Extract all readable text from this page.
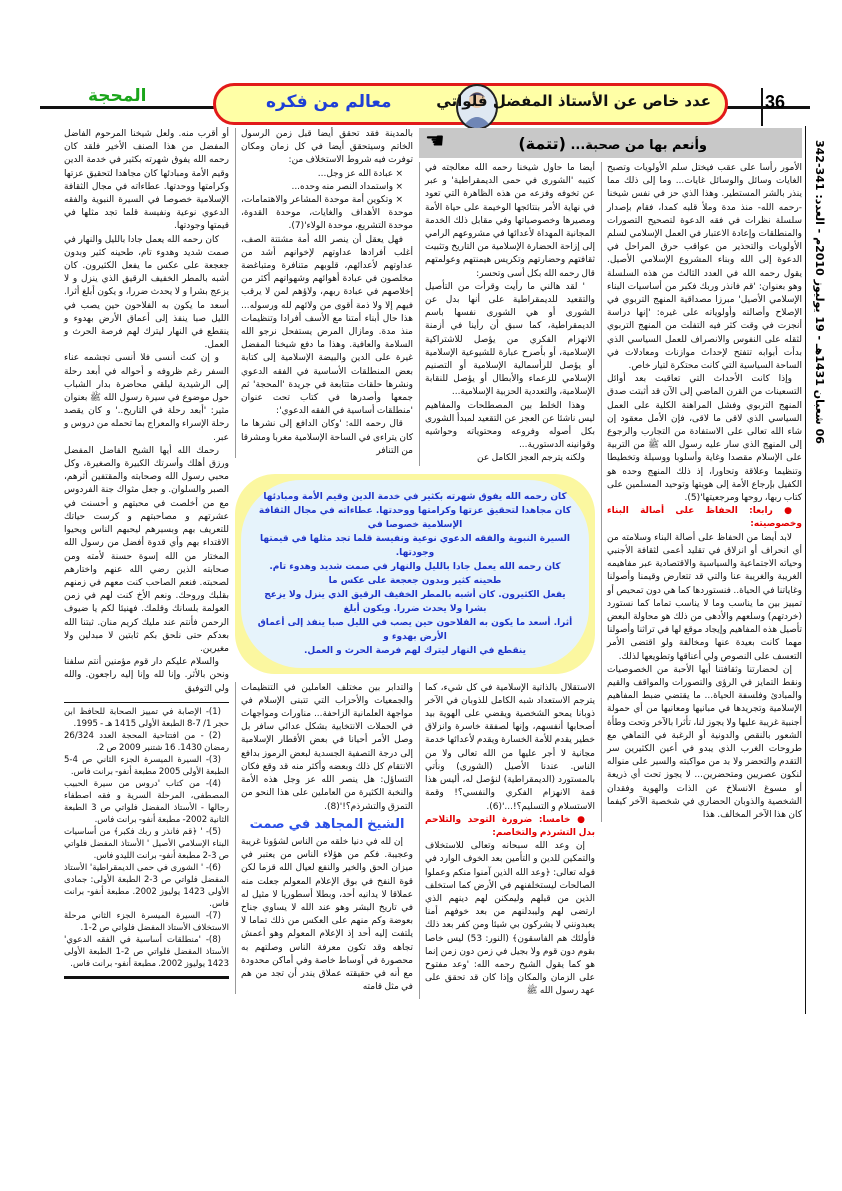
المحجة	معالم من فكره	عدد خاص عن الأستاذ المفضل فلواتي	36
06 شعبان 1431هـ - 19 يوليوز 2010م - العدد: 341-342

أو أقرب منه. ولعل شيخنا المرحوم الفاضل المفضل من هذا الصنف الأخير فلقد كان رحمه الله يفوق شهرته بكثير في خدمة الدين وقيم الأمة ومبادئها كان مجاهدا لتحقيق عزتها وكرامتها ووحدتها. عطاءاته في مجال الثقافة الإسلامية خصوصا في السيرة النبوية والفقه الدعوي نوعية ونفيسة قلما تجد مثلها في قيمتها وجودتها.

كان رحمه الله يعمل جادا بالليل والنهار في صمت شديد وهدوء تام، طحينه كثير وبدون جعجعة على عكس ما يفعل الكثيرون. كان أشبه بالمطر الخفيف الرقيق الذي ينزل و لا يزعج بشرا و لا يحدث ضررا، و يكون أبلغ أثرا. أسعد ما يكون به الفلاحون حين يصب في الليل صبا ينفذ إلى أعماق الأرض بهدوء و ينقطع في النهار ليترك لهم فرصة الحرث و العمل.

و إن كنت أنسى فلا أنسى تجشمه عناء السفر رغم ظروفه و أحواله في أبعد رحلة إلى الرشيدية ليلقي محاضرة بدار الشباب حول موضوع في سيرة رسول الله ﷺ بعنوان مثير: 'أبعد رحلة في التاريخ..' و كان يقصد رحلة الإسراء والمعراج بما تحمله من دروس و عبر.

رحمك الله أيها الشيخ الفاضل المفضل ورزق أهلك وأسرتك الكبيرة والصغيرة، وكل محبي رسول الله وصحابته والمقتفين أثرهم، الصبر والسلوان. و جعل مثواك جنة الفردوس مع من أخلصت في محبتهم و أحسنت في عشرتهم و مصاحبتهم و كرست حياتك للتعريف بهم وبسيرهم ليحبهم الناس ويحيوا الاقتداء بهم وأي قدوة أفضل من رسول الله المختار من الله إسوة حسنة لأمته ومن صحابته الذين رضي الله عنهم واختارهم لصحبته. فنعم الصاحب كنت معهم في زمنهم بقلبك وروحك. ونعم الأخ كنت لهم في زمن العولمة بلسانك وقلمك. فهنيئا لكم يا ضيوف الرحمن فأنتم عند مليك كريم منان. ثبتنا الله بعدكم حتى نلحق بكم ثابتين لا مبدلين ولا مغيرين.

والسلام عليكم دار قوم مؤمنين أنتم سلفنا ونحن بالأثر. وإنا لله وإنا إليه راجعون. والله ولي التوفيق

(1)- الإصابة في تمييز الصحابة للحافظ ابن حجر 1/ 7-8 الطبعة الأولى 1415 هـ - 1995.

(2) - من افتتاحية المحجة العدد 26/324 رمضان 1430. 16 شتنبر 2009 ص 2.

(3)- السيرة الميسرة الجزء الثاني ص 4-5 الطبعة الأولى 2005 مطبعة أنفو- برانت فاس.

(4)- من كتاب 'دروس من سيرة الحبيب المصطفى، المرحلة السرية و فقه اصطفاء رجالها - الأستاذ المفضل فلواتي ص 3 الطبعة الثانية 2002- مطبعة أنفو- برانت فاس.

(5)- ' ﴿قم فانذر و ربك فكبر﴾ من أساسيات البناء الإسلامي الأصيل ' الأستاذ المفضل فلواتي ص 3-2 مطبعة أنفو- برانت الليدو فاس.

(6)- ' الشورى في حمى الديمقراطية' الأستاذ المفضل فلواتي ص 3-2 الطبعة الأولى: جمادى الأولى 1423 يوليوز 2002. مطبعة أنفو- برانت فاس.

(7)- السيرة الميسرة الجزء الثاني مرحلة الاستخلاف الأستاذ المفضل فلواتي ص 2-1.

(8)- 'منطلقات أساسية في الفقه الدعوي' الأستاذ المفضل فلواتي ص 2-1 الطبعة الأولى 1423 يوليوز 2002. مطبعة أنفو- برانت فاس.

بالمدينة فقد تحقق أيضا قبل زمن الرسول الخاتم وسيتحقق أيضا في كل زمان ومكان توفرت فيه شروط الاستخلاف من:

× عبادة الله عز وجل...

× واستمداد النصر منه وحده...

× وتكوين أمة موحدة المشاعر والاهتمامات، موحدة الأهداف والغايات، موحدة القدوة، موحدة التشريع، موحدة الولاء'(7).

فهل يعقل أن ينصر الله أمة مشتتة الصف، أغلب أفرادها عداوتهم لإخوانهم أشد من عداوتهم لأعدائهم، قلوبهم متنافرة ومتباغضة مخلصون في عبادة أهوائهم وشهواتهم أكثر من إخلاصهم في عبادة ربهم، ولاؤهم لمن لا يرقب فيهم إلا ولا ذمة أقوى من ولائهم لله ورسوله... هذا حال أبناء أمتنا مع الأسف أفرادا وتنظيمات منذ مدة. ومازال المرض يستفحل نرجو الله السلامة والعافية. وهذا ما دفع شيخنا المفضل غيرة على الدين والبيضة الإسلامية إلى كتابة بعض المنطلقات الأساسية في الفقه الدعوي ونشرها حلقات متتابعة في جريدة 'المحجة' ثم جمعها وأصدرها في كتاب تحت عنوان 'منطلقات أساسية في الفقه الدعوي':

قال رحمه الله: 'وكان الدافع إلى نشرها ما كان يتراءى في الساحة الإسلامية مغربا ومشرقا من التنافر

☚	وأنعم بها من صحبة... (تتمة)

أيضا ما حاول شيخنا رحمه الله معالجته في كتيبه 'الشورى في حمى الديمقراطية' و عبر عن تخوفه وفزعه من هذه الظاهرة التي تعود في نهاية الأمر بنتائجها الوخيمة على حياة الأمة ومصيرها وخصوصياتها وفي مقابل ذلك الخدمة المجانية المهداة لأعدائها في مشروعهم الرامي إلى إزاحة الحضارة الإسلامية من التاريخ وتثبيت ثقافتهم وحضارتهم وتكريس هيمنتهم وعولمتهم قال رحمه الله بكل أسى وتحسر:

' لقد هالني ما رأيت وقرأت من التأصيل والتقعيد للديمقراطية على أنها بدل عن الشورى أو هي الشورى نفسها باسم الديمقراطية، كما سبق أن رأينا في أزمنة الانهزام الفكري من يؤصل للاشتراكية الإسلامية، أو بأصرح عبارة للشيوعية الإسلامية أو يؤصل للرأسمالية الإسلامية أو التصنيم الإسلامي للزعماء والأبطال أو يؤصل للنقابة الإسلامية، والتعددية الحزبية الإسلامية...

وهذا الخلط بين المصطلحات والمفاهيم ليس ناشئا عن العجز عن التقعيد لمبدأ الشورى بكل أصوله وفروعه ومحتوياته وحواشيه وقوانينه الدستورية...

ولكنه يترجم العجز الكامل عن

الأمور رأسا على عقب فيختل سلم الأولويات وتصبح الغايات وسائل والوسائل غايات... وما إلى ذلك مما ينذر بالشر المستطير. وهذا الذي حز في نفس شيخنا -رحمه الله- منذ مدة وملأ قلبه كمدا، فقام بإصدار سلسلة نظرات في فقه الدعوة لتصحيح التصورات والمنطلقات وإعادة الاعتبار في العمل الإسلامي لسلم الأولويات والتحذير من عواقب حرق المراحل في الدعوة إلى الله وبناء المشروع الإسلامي الأصيل. يقول رحمه الله في العدد الثالث من هذه السلسلة وهو بعنوان: 'قم فانذر وربك فكبر من أساسيات البناء الإسلامي الأصيل' مبرزا مصداقية المنهج التربوي في الإصلاح وأصالته وأولوياته على غيره: 'إنها دراسة أنجزت في وقت كثر فيه التفلت من المنهج التربوي لثقله على النفوس والانصراف للعمل السياسي الذي بدأت أبوابه تتفتح لإحداث موازنات ومعادلات في الساحة السياسية التي كانت محتكرة لتيار خاص.

وإذا كانت الأحداث التي تعاقبت بعد أوائل التسعينات من القرن الماضي إلى الآن قد أثبتت صدق المنهج التربوي وفشل المراهنة الكلية على العمل السياسي الذي لاقى ما لاقى، فإن الأمل معقود إن شاء الله تعالى على الاستفادة من التجارب والرجوع إلى المنهج الذي سار عليه رسول الله ﷺ من التربية على الإسلام مقصدا وغاية وأسلوبا ووسيلة وتخطيطا وتنظيما وعلاقة وتحاورا، إذ ذلك المنهج وحده هو الكفيل بإرجاع الأمة إلى هويتها وتوحيد المسلمين على كتاب ربها، روحها ومرجعيتها'(5).

● رابعا: الحفاظ على أصالة البناء وخصوصيته:

لابد أيضا من الحفاظ على أصالة البناء وسلامته من أي انحراف أو انزلاق في تقليد أعمى لثقافة الأجنبي وحياته الاجتماعية والسياسية والاقتصادية عبر مفاهيمه الغريبة والغريبة عنا والتي قد تتعارض وقيمنا وأصولنا وغاياتنا في الحياة.. فنستوردها كما هي دون تمحيص أو تمييز بين ما يناسب وما لا يناسب تماما كما نستورد (خردتهم) وسلعهم والأدهى من ذلك هو محاولة البعض تأصيل هذه المفاهيم وإيجاد موقع لها في تراثنا وأصولنا مهما كانت بعيدة عنها ومخالفة ولو اقتضى الأمر التعسف على النصوص ولي أعناقها وتطويعها لذلك.

إن لحضارتنا وثقافتنا أيها الأحبة من الخصوصيات ونقط التمايز في الرؤى والتصورات والمواقف والقيم والمبادئ وفلسفة الحياة... ما يقتضي ضبط المفاهيم الإسلامية وتجريدها في مبانيها ومعانيها من أي حمولة أجنبية غريبة عليها ولا يجوز لنا، تأثرا بالآخر وتحت وطأة الشعور بالنقص والدونية أو الرغبة في التماهي مع طروحات الغرب الذي يبدو في أعين الكثيرين سر التقدم والتحضر ولا بد من مواكبته والسير على منواله لنكون عصريين ومتحضرين... لا يجوز تحت أي ذريعة أو مسوغ الانسلاخ عن الذات والهوية وفقدان الشخصية والذوبان الحضاري في شخصية الآخر كيفما كان هذا الآخر المخالف. هذا

كان رحمه الله يفوق شهرته بكثير في خدمة الدين وقيم الأمة ومبادئها
كان مجاهدا لتحقيق عزتها وكرامتها ووحدتها. عطاءاته في مجال الثقافة الإسلامية خصوصا في
السيرة النبوية والفقه الدعوي نوعية ونفيسة قلما تجد مثلها في قيمتها وجودتها.
كان رحمه الله يعمل جادا بالليل والنهار في صمت شديد وهدوء تام. طحينه كثير وبدون جعجعة على عكس ما
يفعل الكثيرون. كان أشبه بالمطر الخفيف الرقيق الذي ينزل ولا يزعج بشرا ولا يحدث ضررا. ويكون أبلغ
أثرا. أسعد ما يكون به الفلاحون حين يصب في الليل صبا ينفذ إلى أعماق الأرض بهدوء و
ينقطع في النهار ليترك لهم فرصة الحرث و العمل.

والتدابر بين مختلف العاملين في التنظيمات والجمعيات والأحزاب التي تتبنى الإسلام في مواجهة العلمانية الزاحفة... مناورات ومواجهات في الحملات الانتخابية بشكل عدائي سافر بل وصل الأمر أحيانا في بعض الأقطار الإسلامية إلى درجة التصفية الجسدية لبعض الرموز بدافع الانتقام كل ذلك وبعضه وأكثر منه قد وقع فكان التساؤل: هل ينصر الله عز وجل هذه الأمة والنخبة الكثيرة من العاملين على هذا النحو من التمزق والتشرذم؟!'(8).

الشيخ المجاهد في صمت

إن لله في دنيا خلقه من الناس لشؤونا غريبة وعجيبة. فكم من هؤلاء الناس من يعتبر في ميزان الحق والخير والنفع لعيال الله قزما لكن قوة النفخ في بوق الإعلام المعولم جعلت منه عملاقا لا يدانيه أحد، وبطلا أسطوريا لا مثيل له في تاريخ البشر وهو عند الله لا يساوي جناح بعوضة وكم منهم على العكس من ذلك تماما لا يلتفت إليه أحد إذ الإعلام المعولم وهو أعمش تجاهه وقد تكون معرفة الناس وصلتهم به محصورة في أوساط خاصة وفي أماكن محدودة مع أنه في حقيقته عملاق يندر أن تجد من هم في مثل قامته

الاستقلال بالذاتية الإسلامية في كل شيء، كما يترجم الاستعداد شبه الكامل للذوبان في الآخر ذوبانا يمحو الشخصية ويقضي على الهوية بيد أصحابها أنفسهم، وإنها لصفقة خاسرة وانزلاق خطير يقدم للأمة الخسارة ويقدم لأعدائها خدمة مجانية لا أجر عليها من الله تعالى ولا من الناس. عندنا الأصيل (الشورى) ونأتي بالمستورد (الديمقراطية) لنؤصل له، أليس هذا قمة الانهزام الفكري والنفسي؟! وقمة الاستسلام و التسليم؟!...'(6).

● خامسا: ضرورة التوحد والتلاحم بدل التشرذم والتخاصم:

إن وعد الله سبحانه وتعالى للاستخلاف والتمكين للدين و التأمين بعد الخوف الوارد في قوله تعالى: ﴿وعد الله الذين آمنوا منكم وعملوا الصالحات ليستخلفنهم في الأرض كما استخلف الذين من قبلهم وليمكنن لهم دينهم الذي ارتضى لهم وليبدلنهم من بعد خوفهم أمنا يعبدونني لا يشركون بي شيئا ومن كفر بعد ذلك فأولئك هم الفاسقون﴾ (النور: 53) ليس خاصا بقوم دون قوم ولا بجيل في زمن دون زمن إنما هو كما يقول الشيخ رحمه الله: 'وعد مفتوح على الزمان والمكان وإذا كان قد تحقق على عهد رسول الله ﷺ
